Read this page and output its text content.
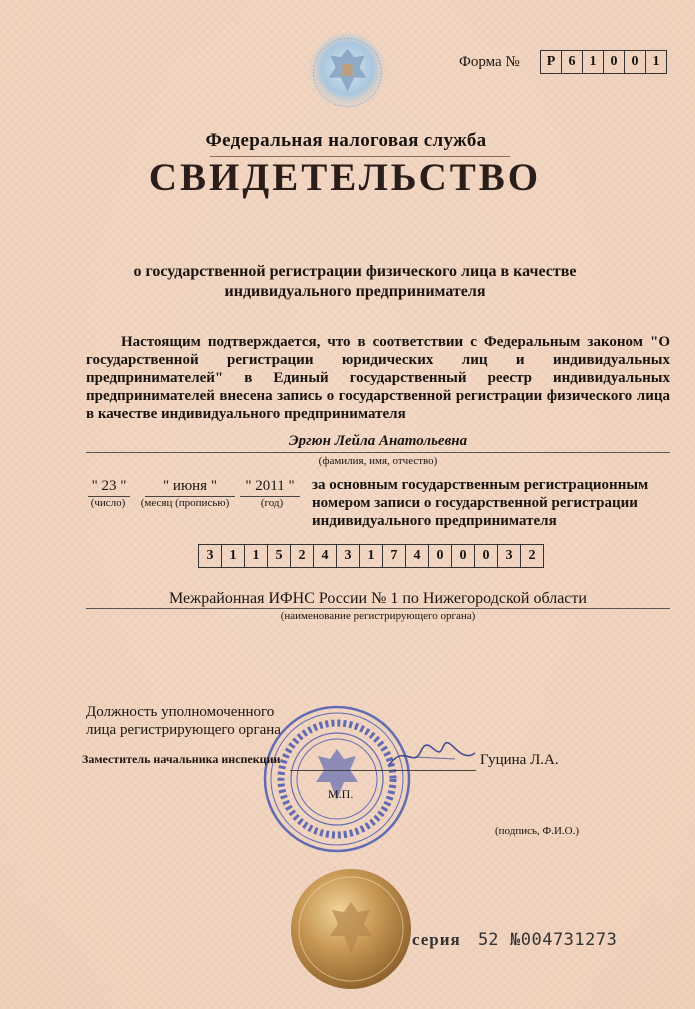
Форма №	Р 6	1	0	0	1
Федеральная налоговая служба
СВИДЕТЕЛЬСТВО
о государственной регистрации физического лица в качестве
индивидуального предпринимателя
Настоящим подтверждается, что в соответствии с Федеральным законом "О государственной регистрации юридических лиц и индивидуальных предпринимателей" в Единый государственный реестр индивидуальных предпринимателей внесена запись о государственной регистрации физического лица в качестве индивидуального предпринимателя
Эргюн Лейла Анатольевна
(фамилия, имя, отчество)
" 23 "	" июня "	" 2011 "
(число)	(месяц (прописью)	(год)
за основным государственным регистрационным
номером записи о государственной регистрации
индивидуального предпринимателя
3	1	1	5	2	4	3	1	7	4	0	0	0	3	2
Межрайонная ИФНС России № 1 по Нижегородской области
(наименование регистрирующего органа)
Должность уполномоченного
лица регистрирующего органа
Заместитель начальника инспекции	Гуцина Л.А.
М.П.
(подпись, Ф.И.О.)
серия 52 №004731273
